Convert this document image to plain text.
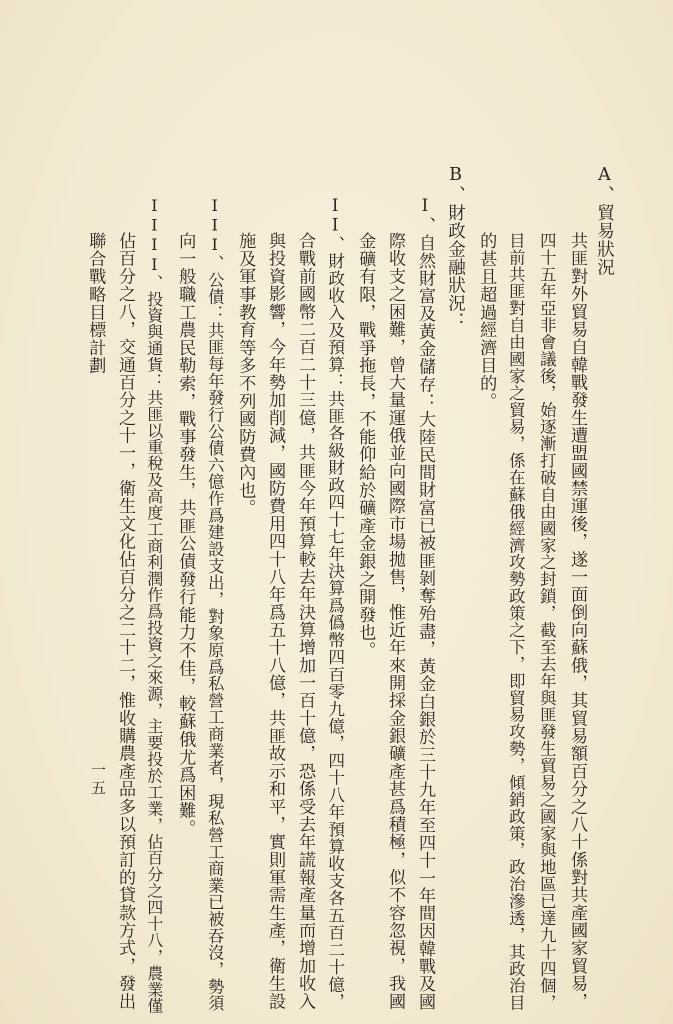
A、貿易狀況
共匪對外貿易自韓戰發生遭盟國禁運後，遂一面倒向蘇俄，其貿易額百分之八十係對共產國家貿易，
四十五年亞非會議後，始逐漸打破自由國家之封鎖，截至去年與匪發生貿易之國家與地區已達九十四個，
目前共匪對自由國家之貿易，係在蘇俄經濟攻勢政策之下，即貿易攻勢，傾銷政策，政治滲透，其政治目
的甚且超過經濟目的。
B、財政金融狀況：
I、自然財富及黃金儲存：大陸民間財富已被匪剝奪殆盡，黃金白銀於三十九年至四十一年間因韓戰及國
際收支之困難，曾大量運俄並向國際市場拋售，惟近年來開採金銀礦產甚爲積極，似不容忽視，我國
金礦有限，戰爭拖長，不能仰給於礦產金銀之開發也。
II、財政收入及預算：共匪各級財政四十七年決算爲僞幣四百零九億，四十八年預算收支各五百二十億，
合戰前國幣二百二十三億，共匪今年預算較去年決算增加一百十億，恐係受去年謊報產量而增加收入
與投資影響，今年勢加削減，國防費用四十八年爲五十八億，共匪故示和平，實則軍需生產，衛生設
施及軍事教育等多不列國防費內也。
III、公債：共匪每年發行公債六億作爲建設支出，對象原爲私營工商業者，現私營工商業已被吞沒，勢須
向一般職工農民勒索，戰事發生，共匪公債發行能力不佳，較蘇俄尤爲困難。
IIII、投資與通貨：共匪以重稅及高度工商利潤作爲投資之來源，主要投於工業，佔百分之四十八，農業僅
佔百分之八，交通百分之十一，衛生文化佔百分之二十二，惟收購農產品多以預訂的貸款方式，發出
聯合戰略目標計劃
一五
